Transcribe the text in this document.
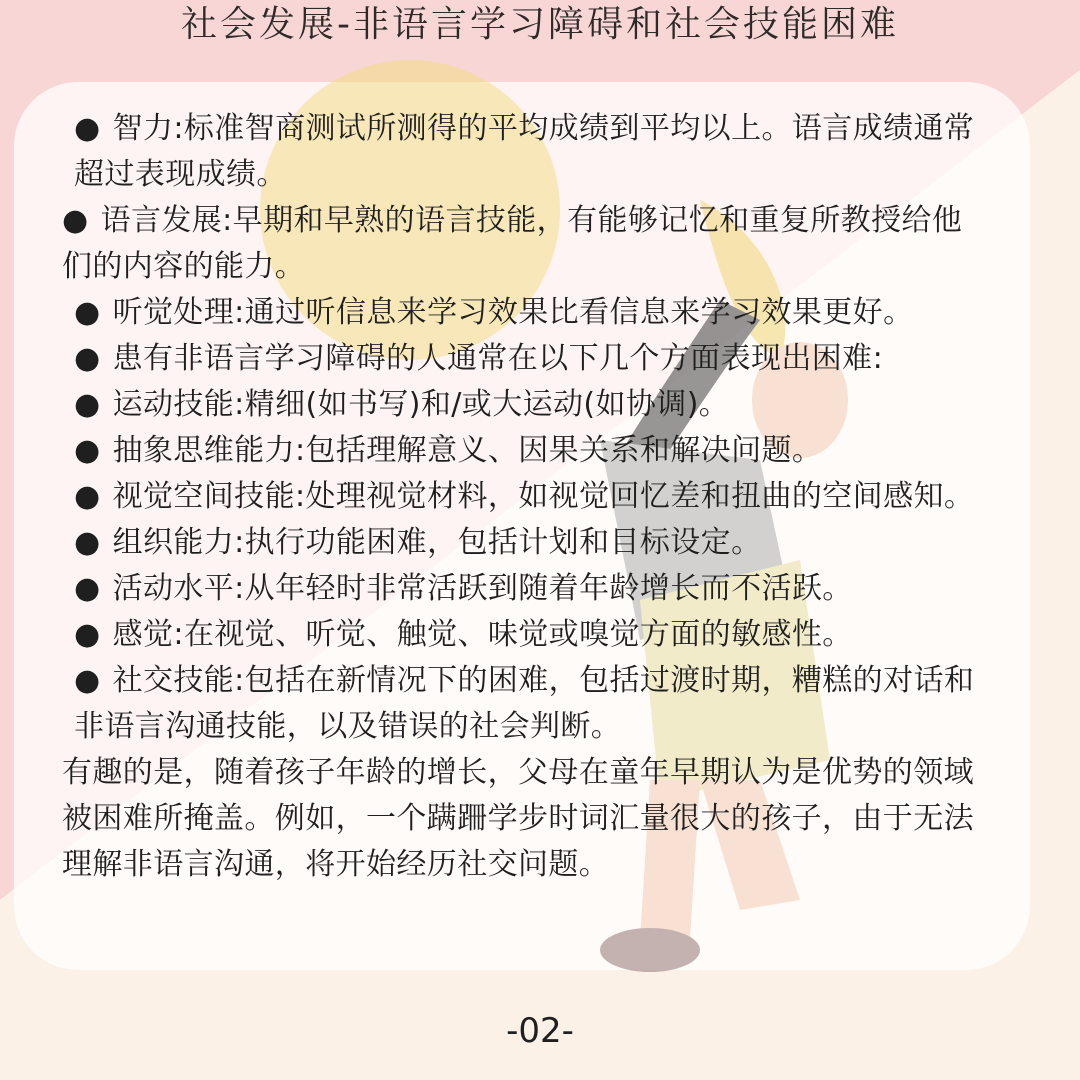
社会发展-非语言学习障碍和社会技能困难

● 智力:标准智商测试所测得的平均成绩到平均以上。语言成绩通常超过表现成绩。

● 语言发展:早期和早熟的语言技能，有能够记忆和重复所教授给他们的内容的能力。

● 听觉处理:通过听信息来学习效果比看信息来学习效果更好。

● 患有非语言学习障碍的人通常在以下几个方面表现出困难:

● 运动技能:精细(如书写)和/或大运动(如协调)。

● 抽象思维能力:包括理解意义、因果关系和解决问题。

● 视觉空间技能:处理视觉材料，如视觉回忆差和扭曲的空间感知。

● 组织能力:执行功能困难，包括计划和目标设定。

● 活动水平:从年轻时非常活跃到随着年龄增长而不活跃。

● 感觉:在视觉、听觉、触觉、味觉或嗅觉方面的敏感性。

● 社交技能:包括在新情况下的困难，包括过渡时期，糟糕的对话和非语言沟通技能，以及错误的社会判断。

有趣的是，随着孩子年龄的增长，父母在童年早期认为是优势的领域被困难所掩盖。例如，一个蹒跚学步时词汇量很大的孩子，由于无法理解非语言沟通，将开始经历社交问题。

-02-
